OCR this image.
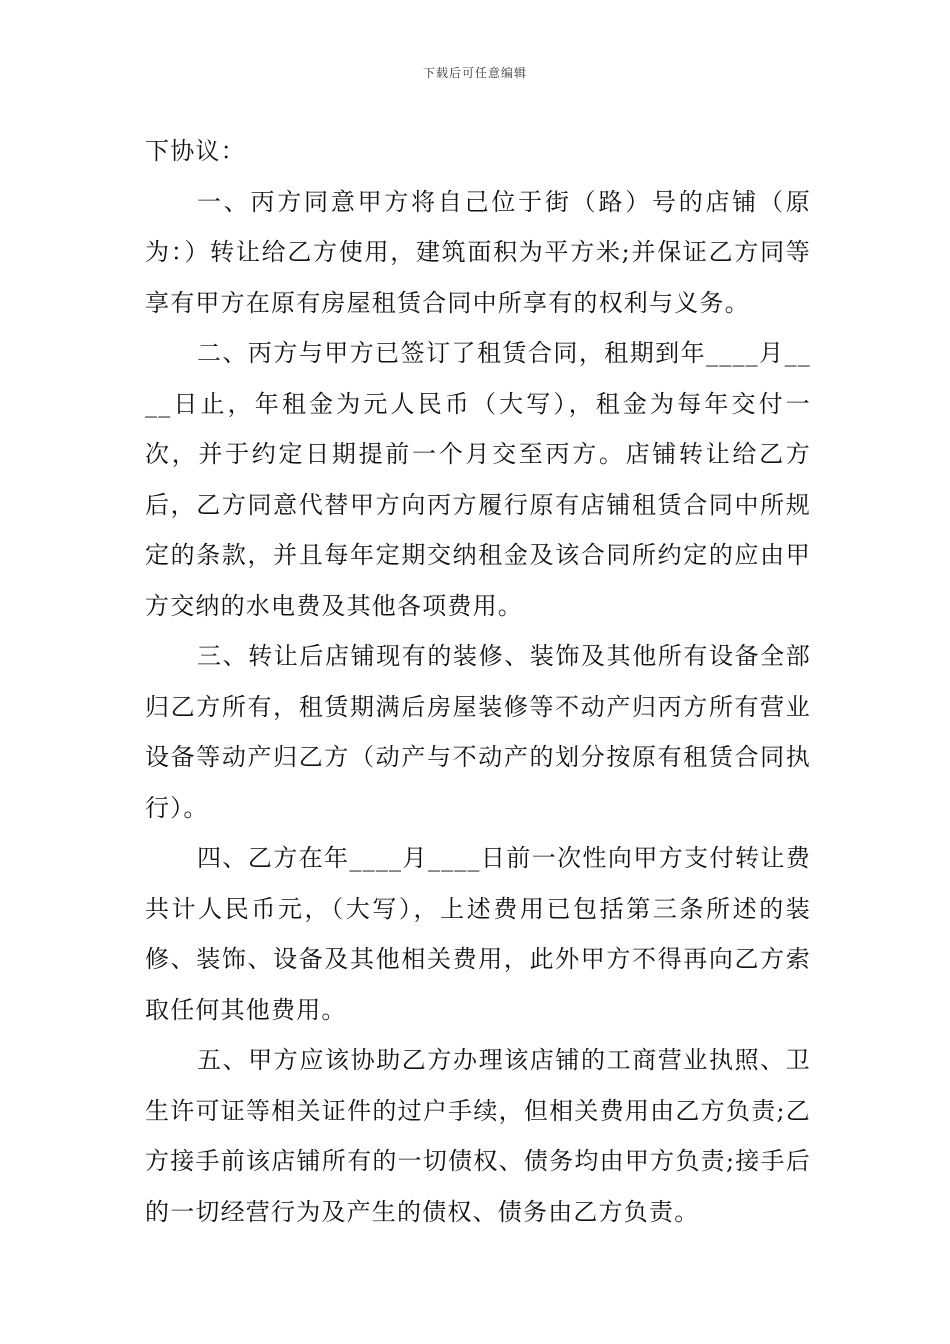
下载后可任意编辑

下协议：

一、丙方同意甲方将自己位于街（路）号的店铺（原为：）转让给乙方使用，建筑面积为平方米;并保证乙方同等享有甲方在原有房屋租赁合同中所享有的权利与义务。

二、丙方与甲方已签订了租赁合同，租期到年____月____日止，年租金为元人民币（大写），租金为每年交付一次，并于约定日期提前一个月交至丙方。店铺转让给乙方后，乙方同意代替甲方向丙方履行原有店铺租赁合同中所规定的条款，并且每年定期交纳租金及该合同所约定的应由甲方交纳的水电费及其他各项费用。

三、转让后店铺现有的装修、装饰及其他所有设备全部归乙方所有，租赁期满后房屋装修等不动产归丙方所有营业设备等动产归乙方（动产与不动产的划分按原有租赁合同执行）。

四、乙方在年____月____日前一次性向甲方支付转让费共计人民币元，（大写），上述费用已包括第三条所述的装修、装饰、设备及其他相关费用，此外甲方不得再向乙方索取任何其他费用。

五、甲方应该协助乙方办理该店铺的工商营业执照、卫生许可证等相关证件的过户手续，但相关费用由乙方负责;乙方接手前该店铺所有的一切债权、债务均由甲方负责;接手后的一切经营行为及产生的债权、债务由乙方负责。
